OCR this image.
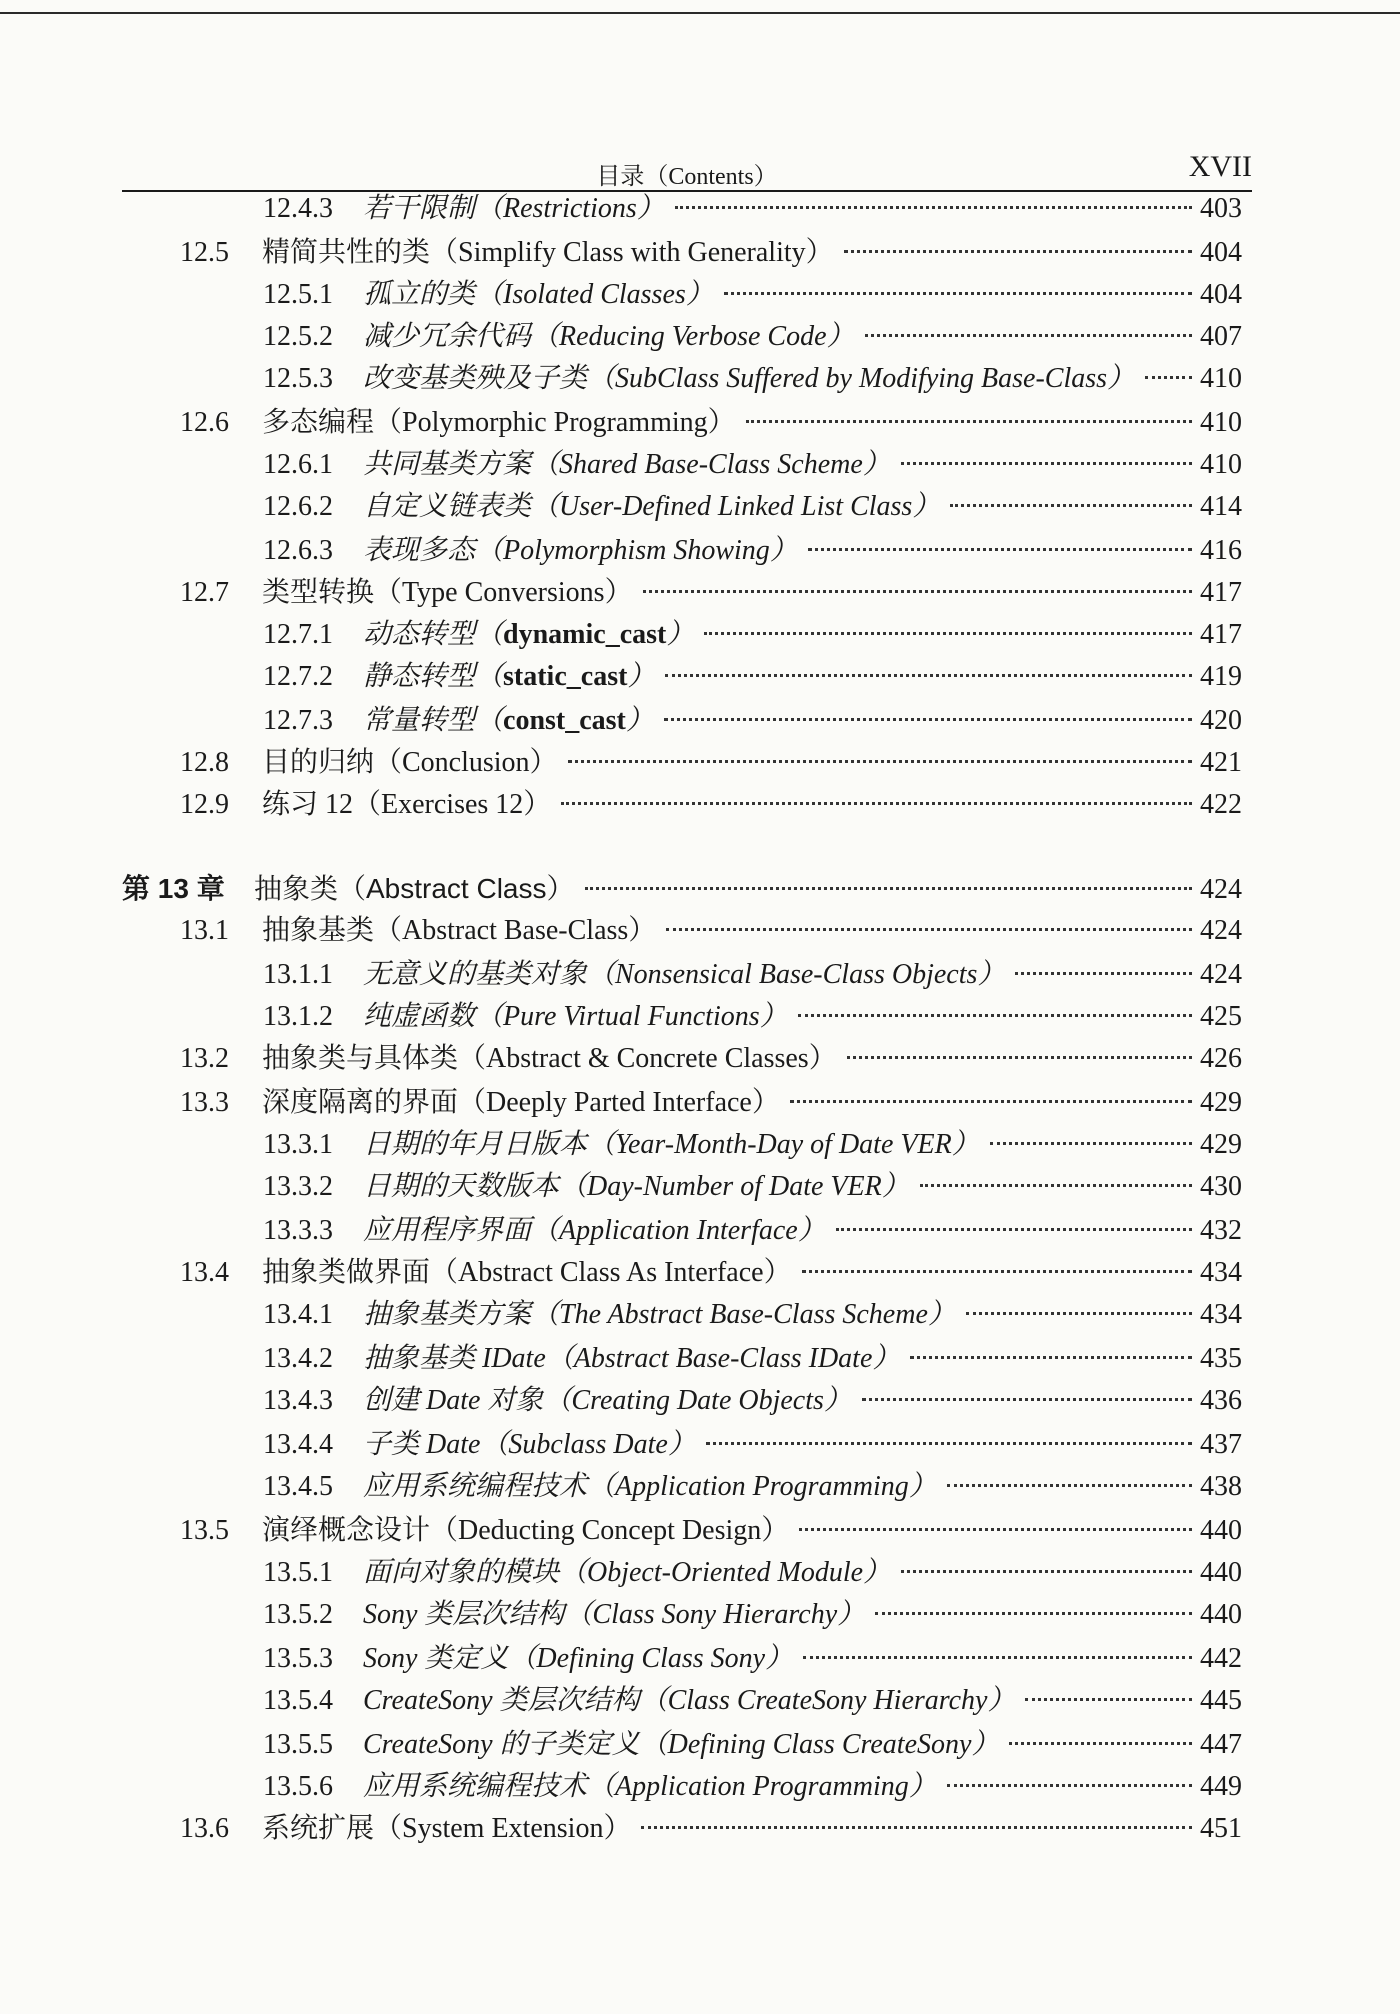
目录（Contents）	XVII
12.4.3	若干限制（Restrictions）	403
12.5	精简共性的类（Simplify Class with Generality）	404
12.5.1	孤立的类（Isolated Classes）	404
12.5.2	减少冗余代码（Reducing Verbose Code）	407
12.5.3	改变基类殃及子类（SubClass Suffered by Modifying Base-Class） 410
12.6	多态编程（Polymorphic Programming）	410
12.6.1	共同基类方案（Shared Base-Class Scheme）	410
12.6.2	自定义链表类（User-Defined Linked List Class）	414
12.6.3	表现多态（Polymorphism Showing）	416
12.7	类型转换（Type Conversions）	417
12.7.1	动态转型（dynamic_cast）	417
12.7.2	静态转型（static_cast）	419
12.7.3	常量转型（const_cast）	420
12.8	目的归纳（Conclusion）	421
12.9	练习 12（Exercises 12）	422
第 13 章	抽象类（Abstract Class）	424
13.1	抽象基类（Abstract Base-Class）	424
13.1.1	无意义的基类对象（Nonsensical Base-Class Objects）	424
13.1.2	纯虚函数（Pure Virtual Functions）	425
13.2	抽象类与具体类（Abstract & Concrete Classes）	426
13.3	深度隔离的界面（Deeply Parted Interface）	429
13.3.1	日期的年月日版本（Year-Month-Day of Date VER）	429
13.3.2	日期的天数版本（Day-Number of Date VER）	430
13.3.3	应用程序界面（Application Interface）	432
13.4	抽象类做界面（Abstract Class As Interface）	434
13.4.1	抽象基类方案（The Abstract Base-Class Scheme）	434
13.4.2	抽象基类 IDate（Abstract Base-Class IDate）	435
13.4.3	创建 Date 对象（Creating Date Objects）	436
13.4.4	子类 Date（Subclass Date）	437
13.4.5	应用系统编程技术（Application Programming）	438
13.5	演绎概念设计（Deducting Concept Design）	440
13.5.1	面向对象的模块（Object-Oriented Module）	440
13.5.2	Sony 类层次结构（Class Sony Hierarchy）	440
13.5.3	Sony 类定义（Defining Class Sony）	442
13.5.4	CreateSony 类层次结构（Class CreateSony Hierarchy）	445
13.5.5	CreateSony 的子类定义（Defining Class CreateSony）	447
13.5.6	应用系统编程技术（Application Programming）	449
13.6	系统扩展（System Extension）	451
